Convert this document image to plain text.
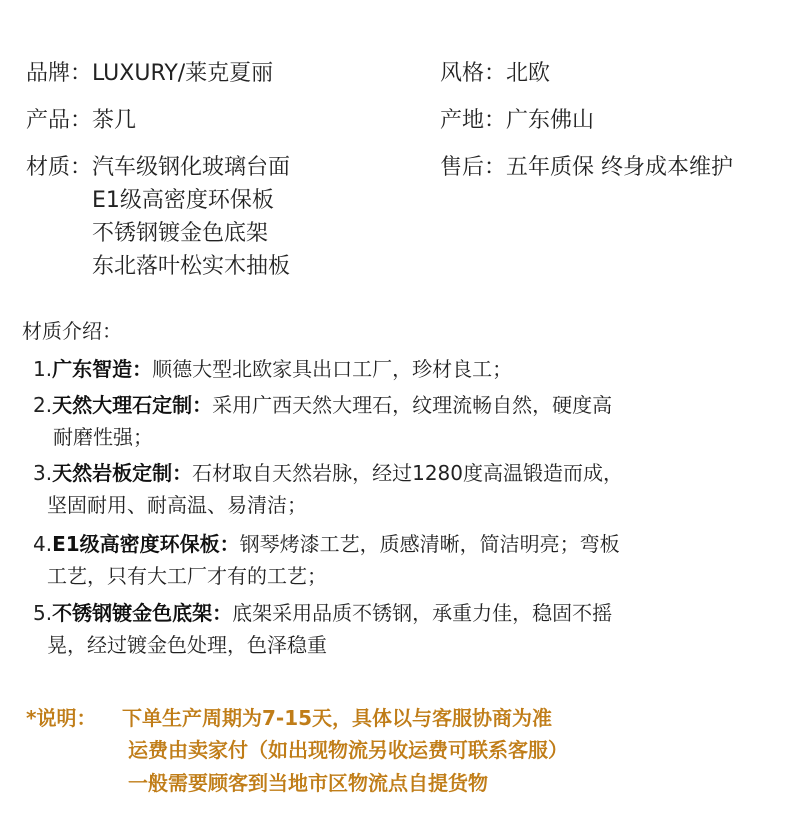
品牌：LUXURY/莱克夏丽
产品：茶几
材质： 汽车级钢化玻璃台面
E1级高密度环保板
不锈钢镀金色底架
东北落叶松实木抽板
风格：北欧
产地：广东佛山
售后：五年质保 终身成本维护
材质介绍：
1.广东智造：顺德大型北欧家具出口工厂，珍材良工；
2.天然大理石定制：采用广西天然大理石，纹理流畅自然，硬度高
耐磨性强；
3.天然岩板定制：石材取自天然岩脉，经过1280度高温锻造而成，
坚固耐用、耐高温、易清洁；
4.E1级高密度环保板：钢琴烤漆工艺，质感清晰，简洁明亮；弯板
工艺，只有大工厂才有的工艺；
5.不锈钢镀金色底架：底架采用品质不锈钢，承重力佳，稳固不摇
晃，经过镀金色处理，色泽稳重
*说明： 下单生产周期为7-15天，具体以与客服协商为准
运费由卖家付（如出现物流另收运费可联系客服）
一般需要顾客到当地市区物流点自提货物
